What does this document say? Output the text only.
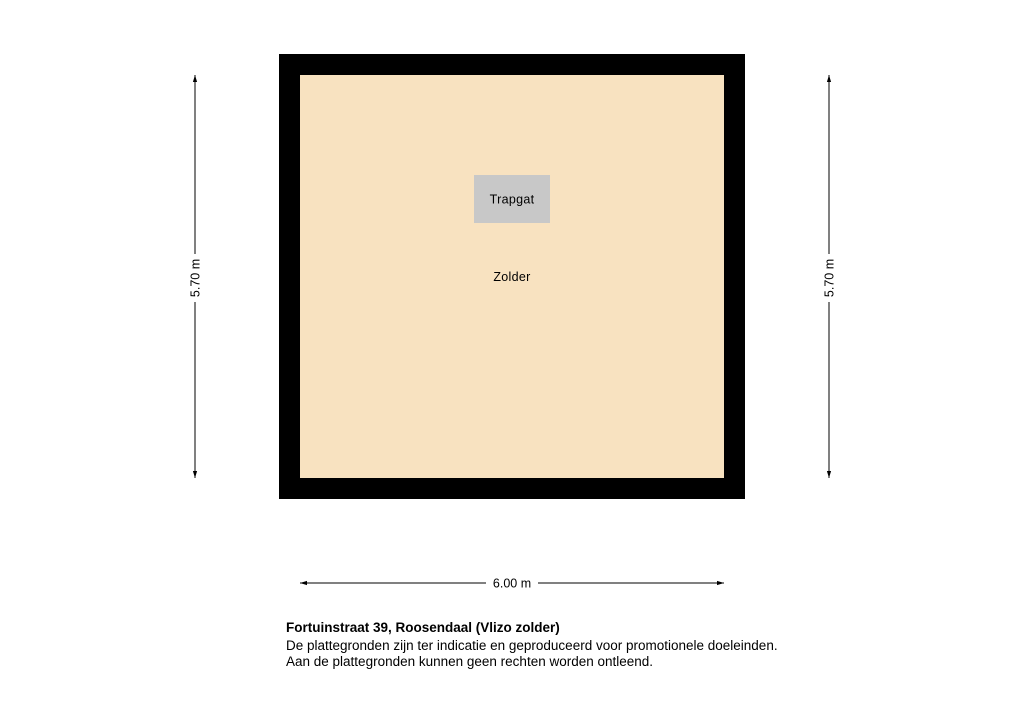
Trapgat
Zolder
5.70 m	5.70 m
6.00 m

Fortuinstraat 39, Roosendaal (Vlizo zolder)

De plattegronden zijn ter indicatie en geproduceerd voor promotionele doeleinden.

Aan de plattegronden kunnen geen rechten worden ontleend.
